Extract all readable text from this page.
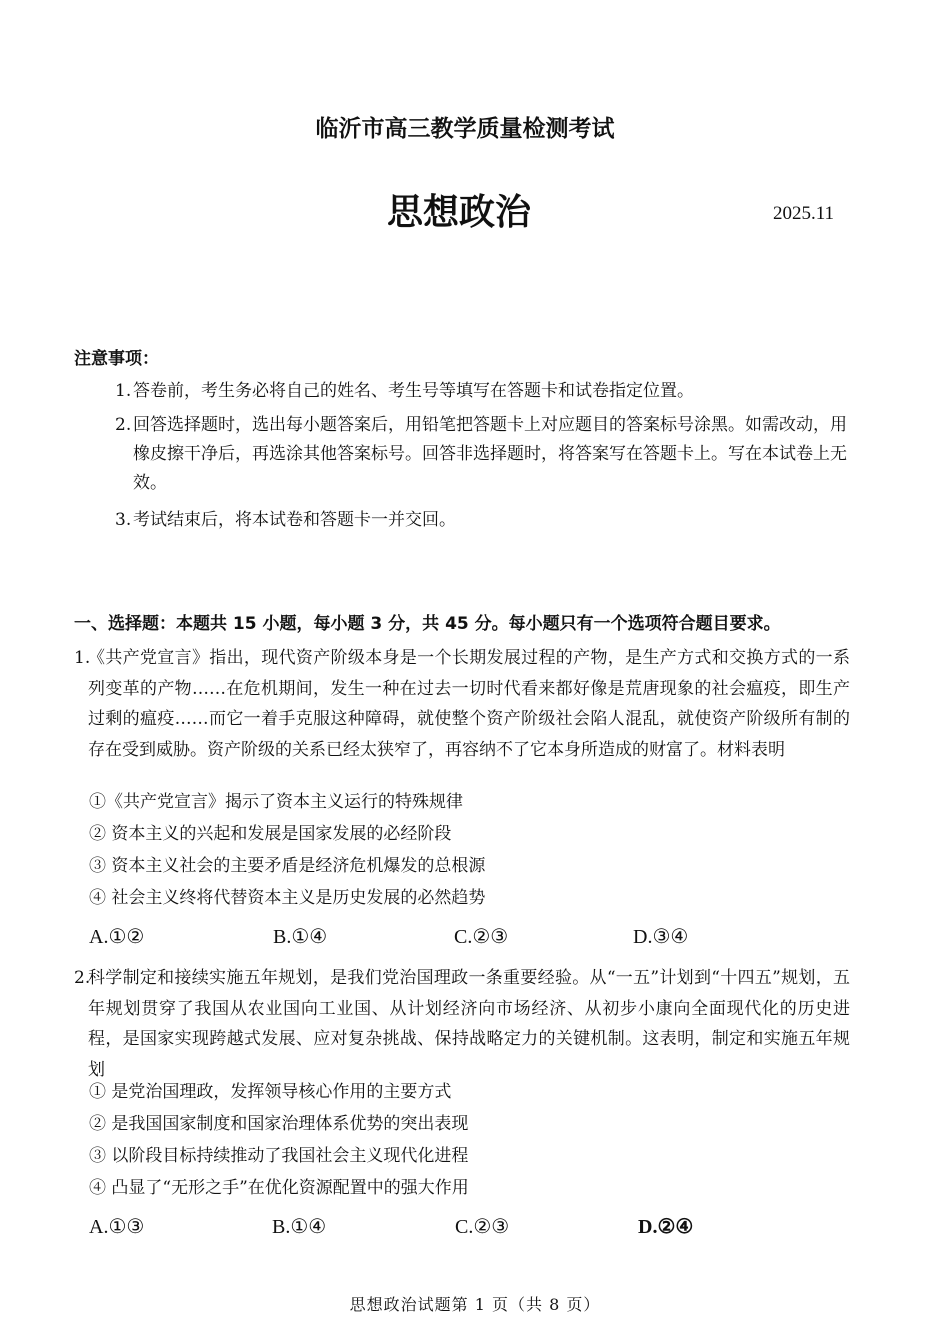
临沂市高三教学质量检测考试
思想政治	2025.11
注意事项：
1. 答卷前，考生务必将自己的姓名、考生号等填写在答题卡和试卷指定位置。
2. 回答选择题时，选出每小题答案后，用铅笔把答题卡上对应题目的答案标号涂黑。如需改动，用橡皮擦干净后，再选涂其他答案标号。回答非选择题时，将答案写在答题卡上。写在本试卷上无效。
3. 考试结束后，将本试卷和答题卡一并交回。
一、选择题：本题共 15 小题，每小题 3 分，共 45 分。每小题只有一个选项符合题目要求。
1.
《共产党宣言》指出，现代资产阶级本身是一个长期发展过程的产物，是生产方式和交换方式的一系列变革的产物……在危机期间，发生一种在过去一切时代看来都好像是荒唐现象的社会瘟疫，即生产过剩的瘟疫……而它一着手克服这种障碍，就使整个资产阶级社会陷人混乱，就使资产阶级所有制的存在受到威胁。资产阶级的关系已经太狭窄了，再容纳不了它本身所造成的财富了。材料表明
①《共产党宣言》揭示了资本主义运行的特殊规律
② 资本主义的兴起和发展是国家发展的必经阶段
③ 资本主义社会的主要矛盾是经济危机爆发的总根源
④ 社会主义终将代替资本主义是历史发展的必然趋势
A.①②	B.①④	C.②③	D.③④
2.
科学制定和接续实施五年规划，是我们党治国理政一条重要经验。从“一五”计划到“十四五”规划，五年规划贯穿了我国从农业国向工业国、从计划经济向市场经济、从初步小康向全面现代化的历史进程，是国家实现跨越式发展、应对复杂挑战、保持战略定力的关键机制。这表明，制定和实施五年规划
① 是党治国理政，发挥领导核心作用的主要方式
② 是我国国家制度和国家治理体系优势的突出表现
③ 以阶段目标持续推动了我国社会主义现代化进程
④ 凸显了“无形之手”在优化资源配置中的强大作用
A.①③	B.①④	C.②③	D.②④
思想政治试题第 1 页（共 8 页）
